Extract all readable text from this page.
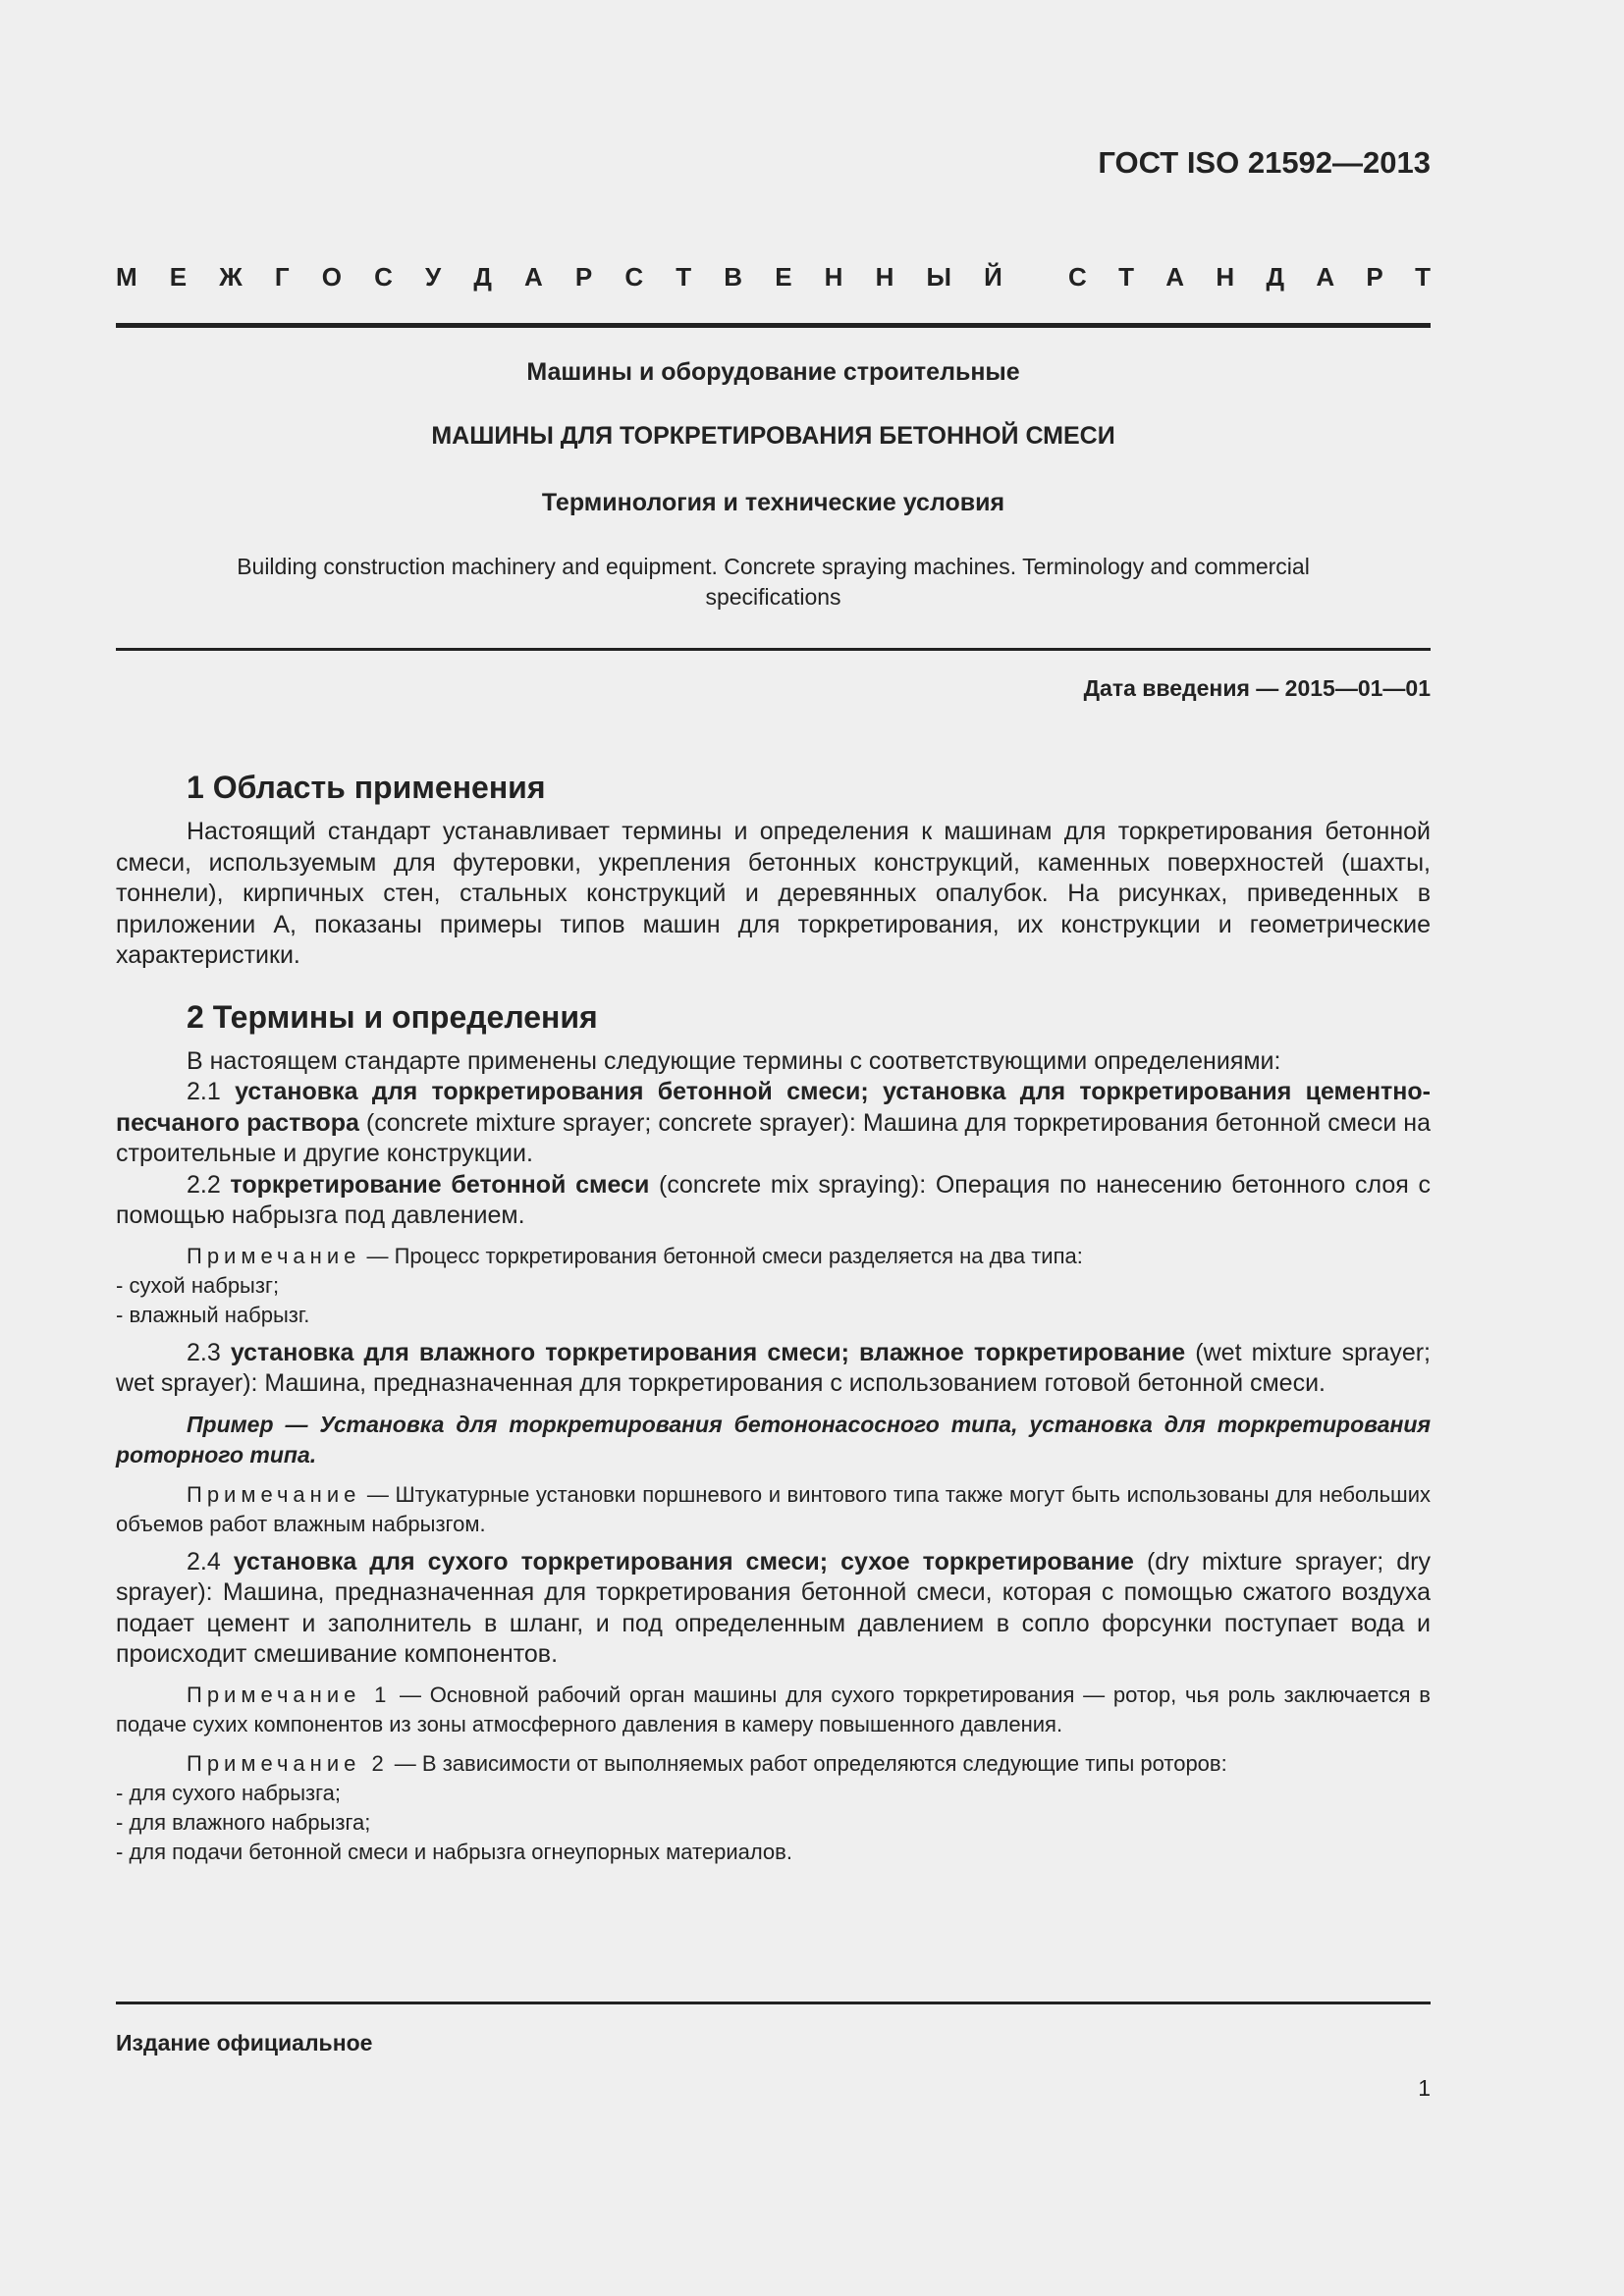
ГОСТ ISO 21592—2013
М Е Ж Г О С У Д А Р С Т В Е Н Н Ы Й	С Т А Н Д А Р Т
Машины и оборудование строительные
МАШИНЫ ДЛЯ ТОРКРЕТИРОВАНИЯ БЕТОННОЙ СМЕСИ
Терминология и технические условия
Building construction machinery and equipment. Concrete spraying machines. Terminology and commercial
specifications
Дата введения — 2015—01—01
1 Область применения

Настоящий стандарт устанавливает термины и определения к машинам для торкретирования бетонной смеси, используемым для футеровки, укрепления бетонных конструкций, каменных поверхностей (шахты, тоннели), кирпичных стен, стальных конструкций и деревянных опалубок. На рисунках, приведенных в приложении А, показаны примеры типов машин для торкретирования, их конструкции и геометрические характеристики.

2 Термины и определения

В настоящем стандарте применены следующие термины с соответствующими определениями:

2.1 установка для торкретирования бетонной смеси; установка для торкретирования цементно-песчаного раствора (concrete mixture sprayer; concrete sprayer): Машина для торкретирования бетонной смеси на строительные и другие конструкции.

2.2 торкретирование бетонной смеси (concrete mix spraying): Операция по нанесению бетонного слоя с помощью набрызга под давлением.

Примечание — Процесс торкретирования бетонной смеси разделяется на два типа:

- сухой набрызг;
- влажный набрызг.

2.3 установка для влажного торкретирования смеси; влажное торкретирование (wet mixture sprayer; wet sprayer): Машина, предназначенная для торкретирования с использованием готовой бетонной смеси.

Пример — Установка для торкретирования бетононасосного типа, установка для торкретирования роторного типа.

Примечание — Штукатурные установки поршневого и винтового типа также могут быть использованы для небольших объемов работ влажным набрызгом.

2.4 установка для сухого торкретирования смеси; сухое торкретирование (dry mixture sprayer; dry sprayer): Машина, предназначенная для торкретирования бетонной смеси, которая с помощью сжатого воздуха подает цемент и заполнитель в шланг, и под определенным давлением в сопло форсунки поступает вода и происходит смешивание компонентов.

Примечание 1 — Основной рабочий орган машины для сухого торкретирования — ротор, чья роль заключается в подаче сухих компонентов из зоны атмосферного давления в камеру повышенного давления.

Примечание 2 — В зависимости от выполняемых работ определяются следующие типы роторов:

- для сухого набрызга;
- для влажного набрызга;
- для подачи бетонной смеси и набрызга огнеупорных материалов.
Издание официальное
1
